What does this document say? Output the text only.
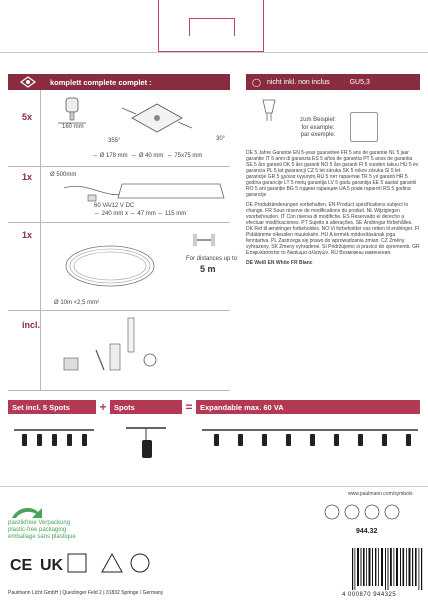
komplett complete complet :	◯ nicht inkl. non inclus	GU5,3
5x
160 mm
355°	30°
⇔ Ø 178 mm  ⇔ Ø 40 mm  ⇔ 75x75 mm
1x	Ø 500mm
60 VA/12 V DC
⇔ 240 mm x ⇔ 47 mm ⇔ 115 mm
1x
For distances up to
5 m
Ø 10m <2,5 mm²
incl.
zum Beispiel:
for example:
par exemple:

DE 5 Jahre Garantie EN 5-year guarantee FR 5 ans de garantie NL 5 jaar garantie IT 5 anni di garanzia ES 5 años de garantía PT 5 anos de garantia SE 5 års garanti DK 5 års garanti NO 5 års garanti FI 5 vuoden takuu HU 5 év garancia PL 5 lat gwarancji CZ 5 let záruka SK 5 rokov záruka SI 5 let garancije GR 5 χρόνια εγγύηση RU 5 лет гарантии TR 5 yıl garanti HR 5 godina garancije LT 5 metų garantija LV 5 gadu garantija EE 5 aastat garantii RO 5 ani garanție BG 5 години гаранция UA 5 років гарантії RS 5 godina garancije

DE Produktänderungen vorbehalten. EN Product specifications subject to change. FR Sous réserve de modifications du produit. NL Wijzigingen voorbehouden. IT Con riserva di modifiche. ES Reservado el derecho a efectuar modificaciones. PT Sujeito a alterações. SE Ändringar förbehålles. DK Ret til ændringer forbeholdes. NO Vi forbeholder oss retten til endringer. FI Pidätämme oikeuden muutoksiin. HU A termék módosításának joga fenntartva. PL Zastrzega się prawo do wprowadzania zmian. CZ Změny vyhrazeny. SK Zmeny vyhradené. SI Pridržujemo si pravico do sprememb. GR Επιφυλάσσεται το δικαίωμα αλλαγών. RU Возможны изменения.

DE Weiß EN White FR Blanc

Set incl. 5 Spots	+	Spots	=	Expandable max. 60 VA
www.paulmann.com/symbols
plastikfreie Verpackung
plastic-free packaging
emballage sans plastique
CE UK
Paulmann Licht GmbH | Quezlinger Feld 2 | 31832 Springe / Germany
944.32
4 000870 944325
